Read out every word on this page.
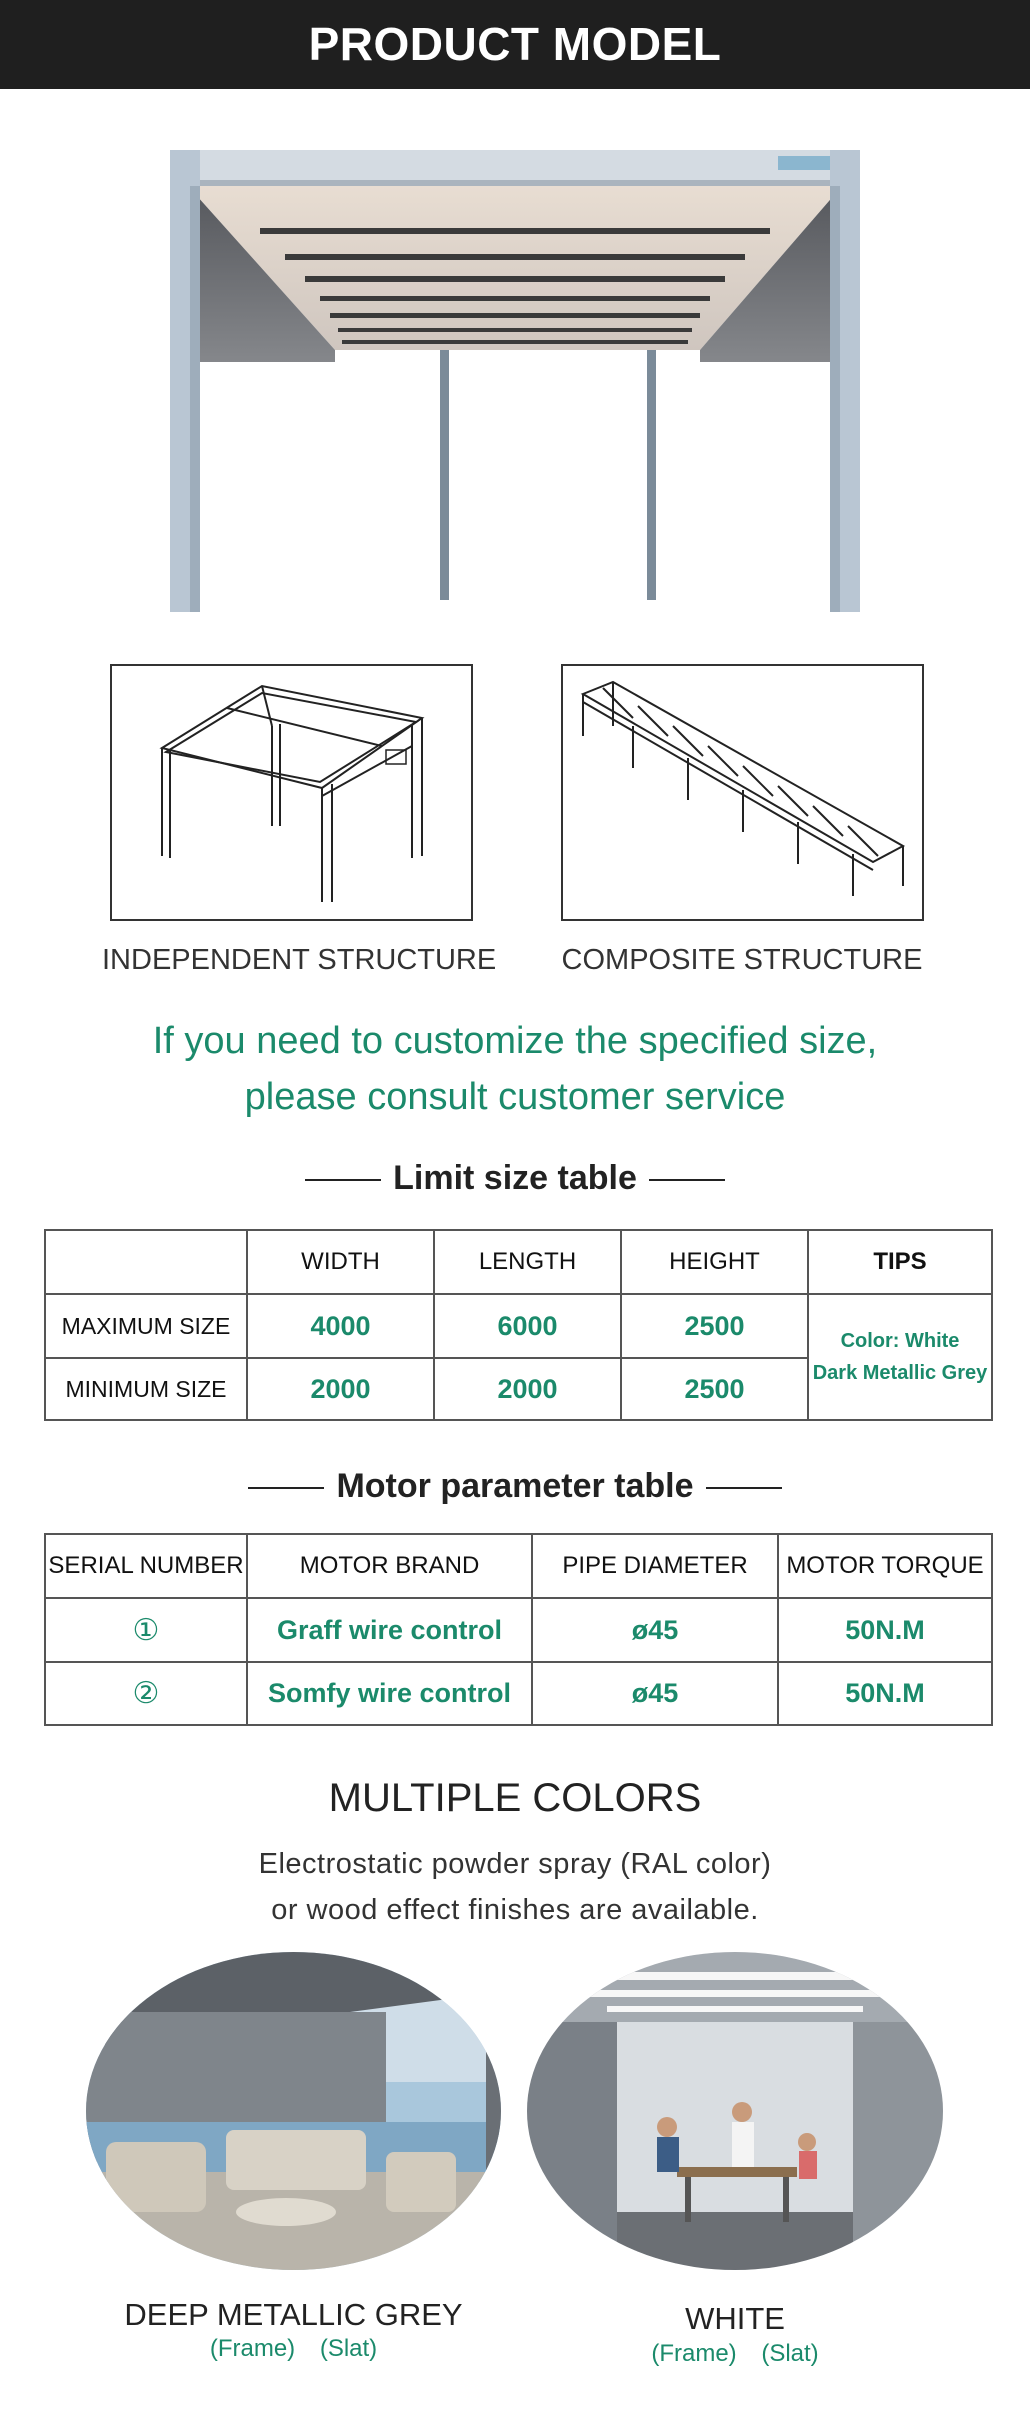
PRODUCT MODEL
INDEPENDENT STRUCTURE	COMPOSITE STRUCTURE
If you need to customize the specified size,
please consult customer service
Limit size table
	WIDTH	LENGTH	HEIGHT	TIPS
MAXIMUM SIZE	4000	6000	2500	Color: White
Dark Metallic Grey

MINIMUM SIZE	2000	2000	2500	
Motor parameter table
SERIAL NUMBER	MOTOR BRAND	PIPE DIAMETER	MOTOR TORQUE
①	Graff wire control	ø45	50N.M
②	Somfy wire control	ø45	50N.M
MULTIPLE COLORS
Electrostatic powder spray (RAL color)
or wood effect finishes are available.
DEEP METALLIC GREY
(Frame) (Slat)
WHITE
(Frame) (Slat)
